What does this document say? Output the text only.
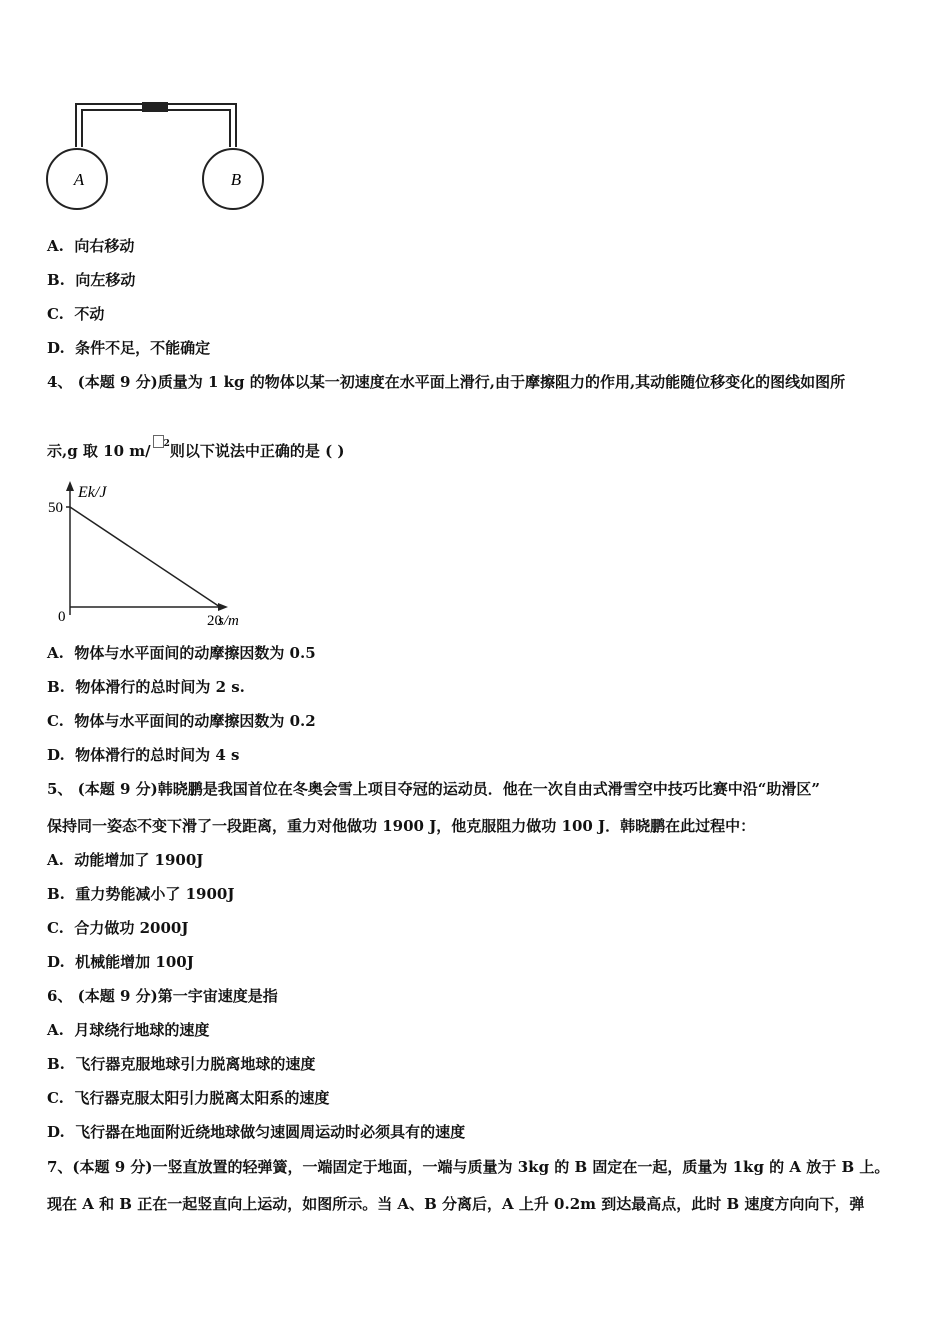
A	B
A. 向右移动
B. 向左移动
C. 不动
D. 条件不足，不能确定
4、 (本题 9 分)质量为 1 kg 的物体以某一初速度在水平面上滑行,由于摩擦阻力的作用,其动能随位移变化的图线如图所
示,g 取 10 m/ $^2$则以下说法中正确的是 ( )
Ek/J
s/m
50
0	20
A. 物体与水平面间的动摩擦因数为 0.5
B. 物体滑行的总时间为 2 s.
C. 物体与水平面间的动摩擦因数为 0.2
D. 物体滑行的总时间为 4 s
5、 (本题 9 分)韩晓鹏是我国首位在冬奥会雪上项目夺冠的运动员．他在一次自由式滑雪空中技巧比赛中沿“助滑区”
保持同一姿态不变下滑了一段距离，重力对他做功 1900 J，他克服阻力做功 100 J．韩晓鹏在此过程中：
A. 动能增加了 1900J
B. 重力势能减小了 1900J
C. 合力做功 2000J
D. 机械能增加 100J
6、 (本题 9 分)第一宇宙速度是指
A. 月球绕行地球的速度
B. 飞行器克服地球引力脱离地球的速度
C. 飞行器克服太阳引力脱离太阳系的速度
D. 飞行器在地面附近绕地球做匀速圆周运动时必须具有的速度
7、(本题 9 分)一竖直放置的轻弹簧，一端固定于地面，一端与质量为 3kg 的 B 固定在一起，质量为 1kg 的 A 放于 B 上。
现在 A 和 B 正在一起竖直向上运动，如图所示。当 A、B 分离后，A 上升 0.2m 到达最高点，此时 B 速度方向向下，弹
